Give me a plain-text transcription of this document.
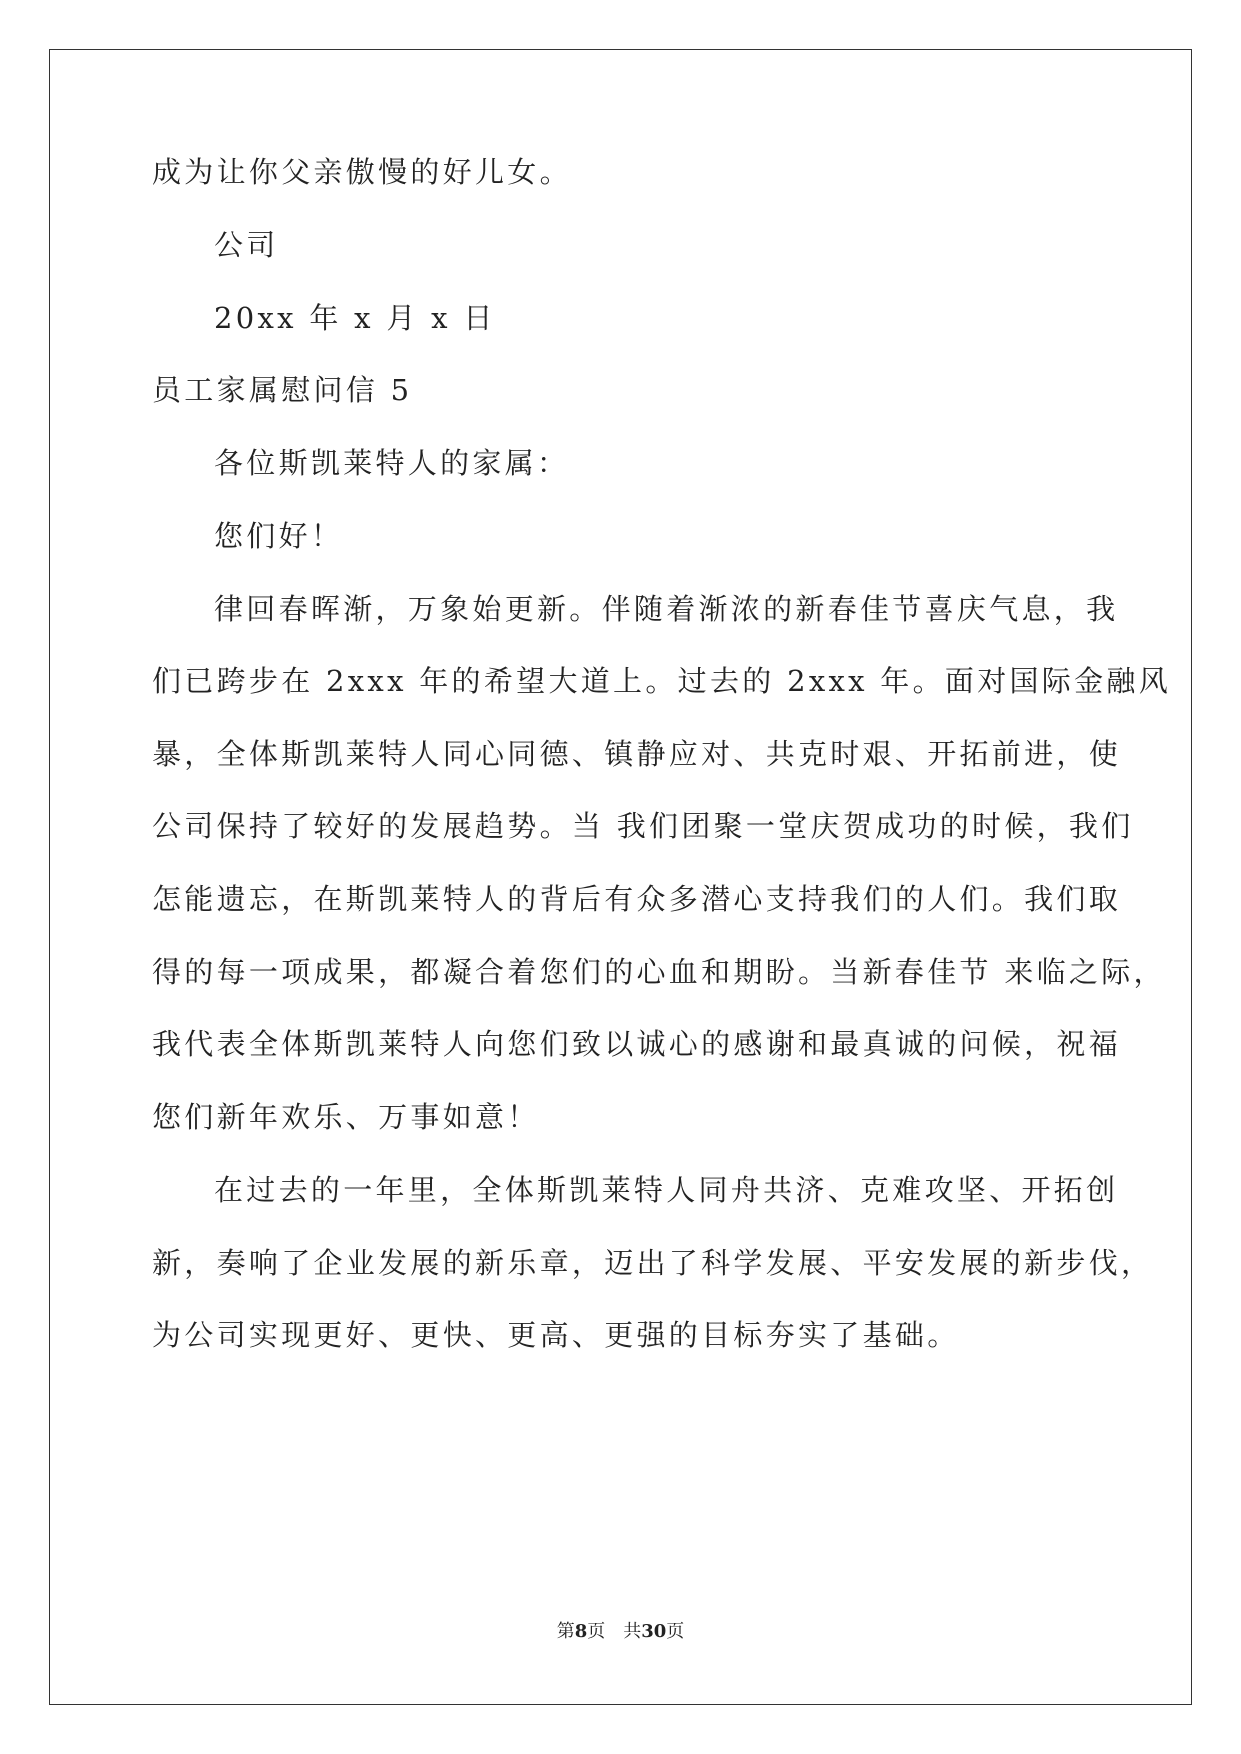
成为让你父亲傲慢的好儿女。
公司
20xx 年 x 月 x 日
员工家属慰问信 5
各位斯凯莱特人的家属：
您们好！
律回春晖渐，万象始更新。伴随着渐浓的新春佳节喜庆气息，我
们已跨步在 2xxx 年的希望大道上。过去的 2xxx 年。面对国际金融风
暴，全体斯凯莱特人同心同德、镇静应对、共克时艰、开拓前进，使
公司保持了较好的发展趋势。当 我们团聚一堂庆贺成功的时候，我们
怎能遗忘，在斯凯莱特人的背后有众多潜心支持我们的人们。我们取
得的每一项成果，都凝合着您们的心血和期盼。当新春佳节 来临之际，
我代表全体斯凯莱特人向您们致以诚心的感谢和最真诚的问候，祝福
您们新年欢乐、万事如意！
在过去的一年里，全体斯凯莱特人同舟共济、克难攻坚、开拓创
新，奏响了企业发展的新乐章，迈出了科学发展、平安发展的新步伐，
为公司实现更好、更快、更高、更强的目标夯实了基础。
第8页　共30页
